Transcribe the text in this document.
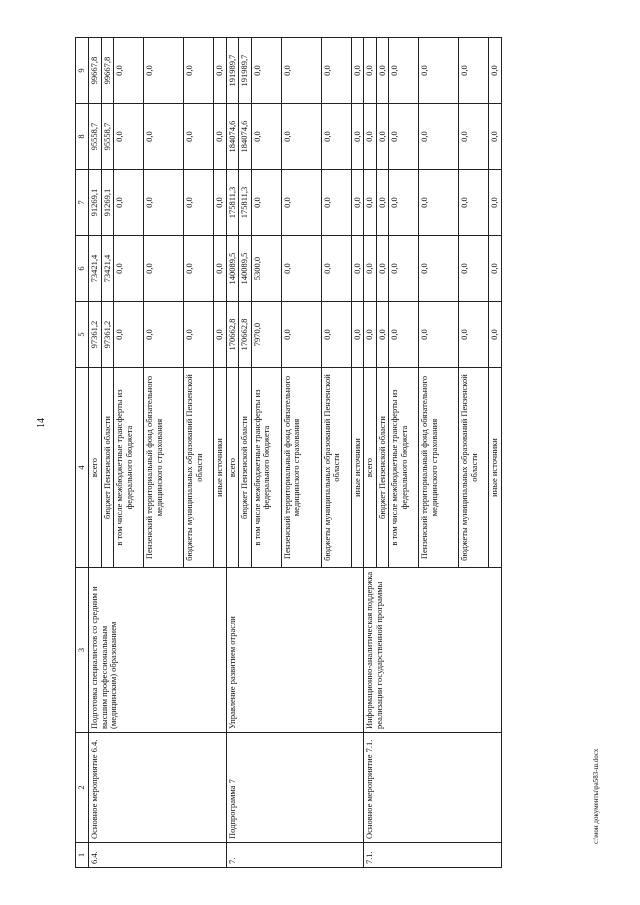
14
c:\мои документы\ра583-ш.docx
1	2	3	4	5	6	7	8	9
6.4.	Основное мероприятие 6.4.	Подготовка специалистов со средним и высшим профессиональным (медицинским) образованием	всего	97361,2	73421,4	91269,1	95558,7	99667,8
			бюджет Пензенской области	97361,2	73421,4	91269,1	95558,7	99667,8
			в том числе межбюджетные трансферты из федерального бюджета	0,0	0,0	0,0	0,0	0,0
			Пензенский территориальный фонд обязательного медицинского страхования	0,0	0,0	0,0	0,0	0,0
			бюджеты муниципальных образований Пензенской области	0,0	0,0	0,0	0,0	0,0
			иные источники	0,0	0,0	0,0	0,0	0,0
7.	Подпрограмма 7	Управление развитием отрасли	всего	170662,8	140089,5	175811,3	184074,6	191989,7
			бюджет Пензенской области	170662,8	140089,5	175811,3	184074,6	191989,7
			в том числе межбюджетные трансферты из федерального бюджета	7970,0	5300,0	0,0	0,0	0,0
			Пензенский территориальный фонд обязательного медицинского страхования	0,0	0,0	0,0	0,0	0,0
			бюджеты муниципальных образований Пензенской области	0,0	0,0	0,0	0,0	0,0
			иные источники	0,0	0,0	0,0	0,0	0,0
7.1.	Основное мероприятие 7.1.	Информационно-аналитическая поддержка реализации государственной программы	всего	0,0	0,0	0,0	0,0	0,0
			бюджет Пензенской области	0,0	0,0	0,0	0,0	0,0
			в том числе межбюджетные трансферты из федерального бюджета	0,0	0,0	0,0	0,0	0,0
			Пензенский территориальный фонд обязательного медицинского страхования	0,0	0,0	0,0	0,0	0,0
			бюджеты муниципальных образований Пензенской области	0,0	0,0	0,0	0,0	0,0
			иные источники	0,0	0,0	0,0	0,0	0,0
